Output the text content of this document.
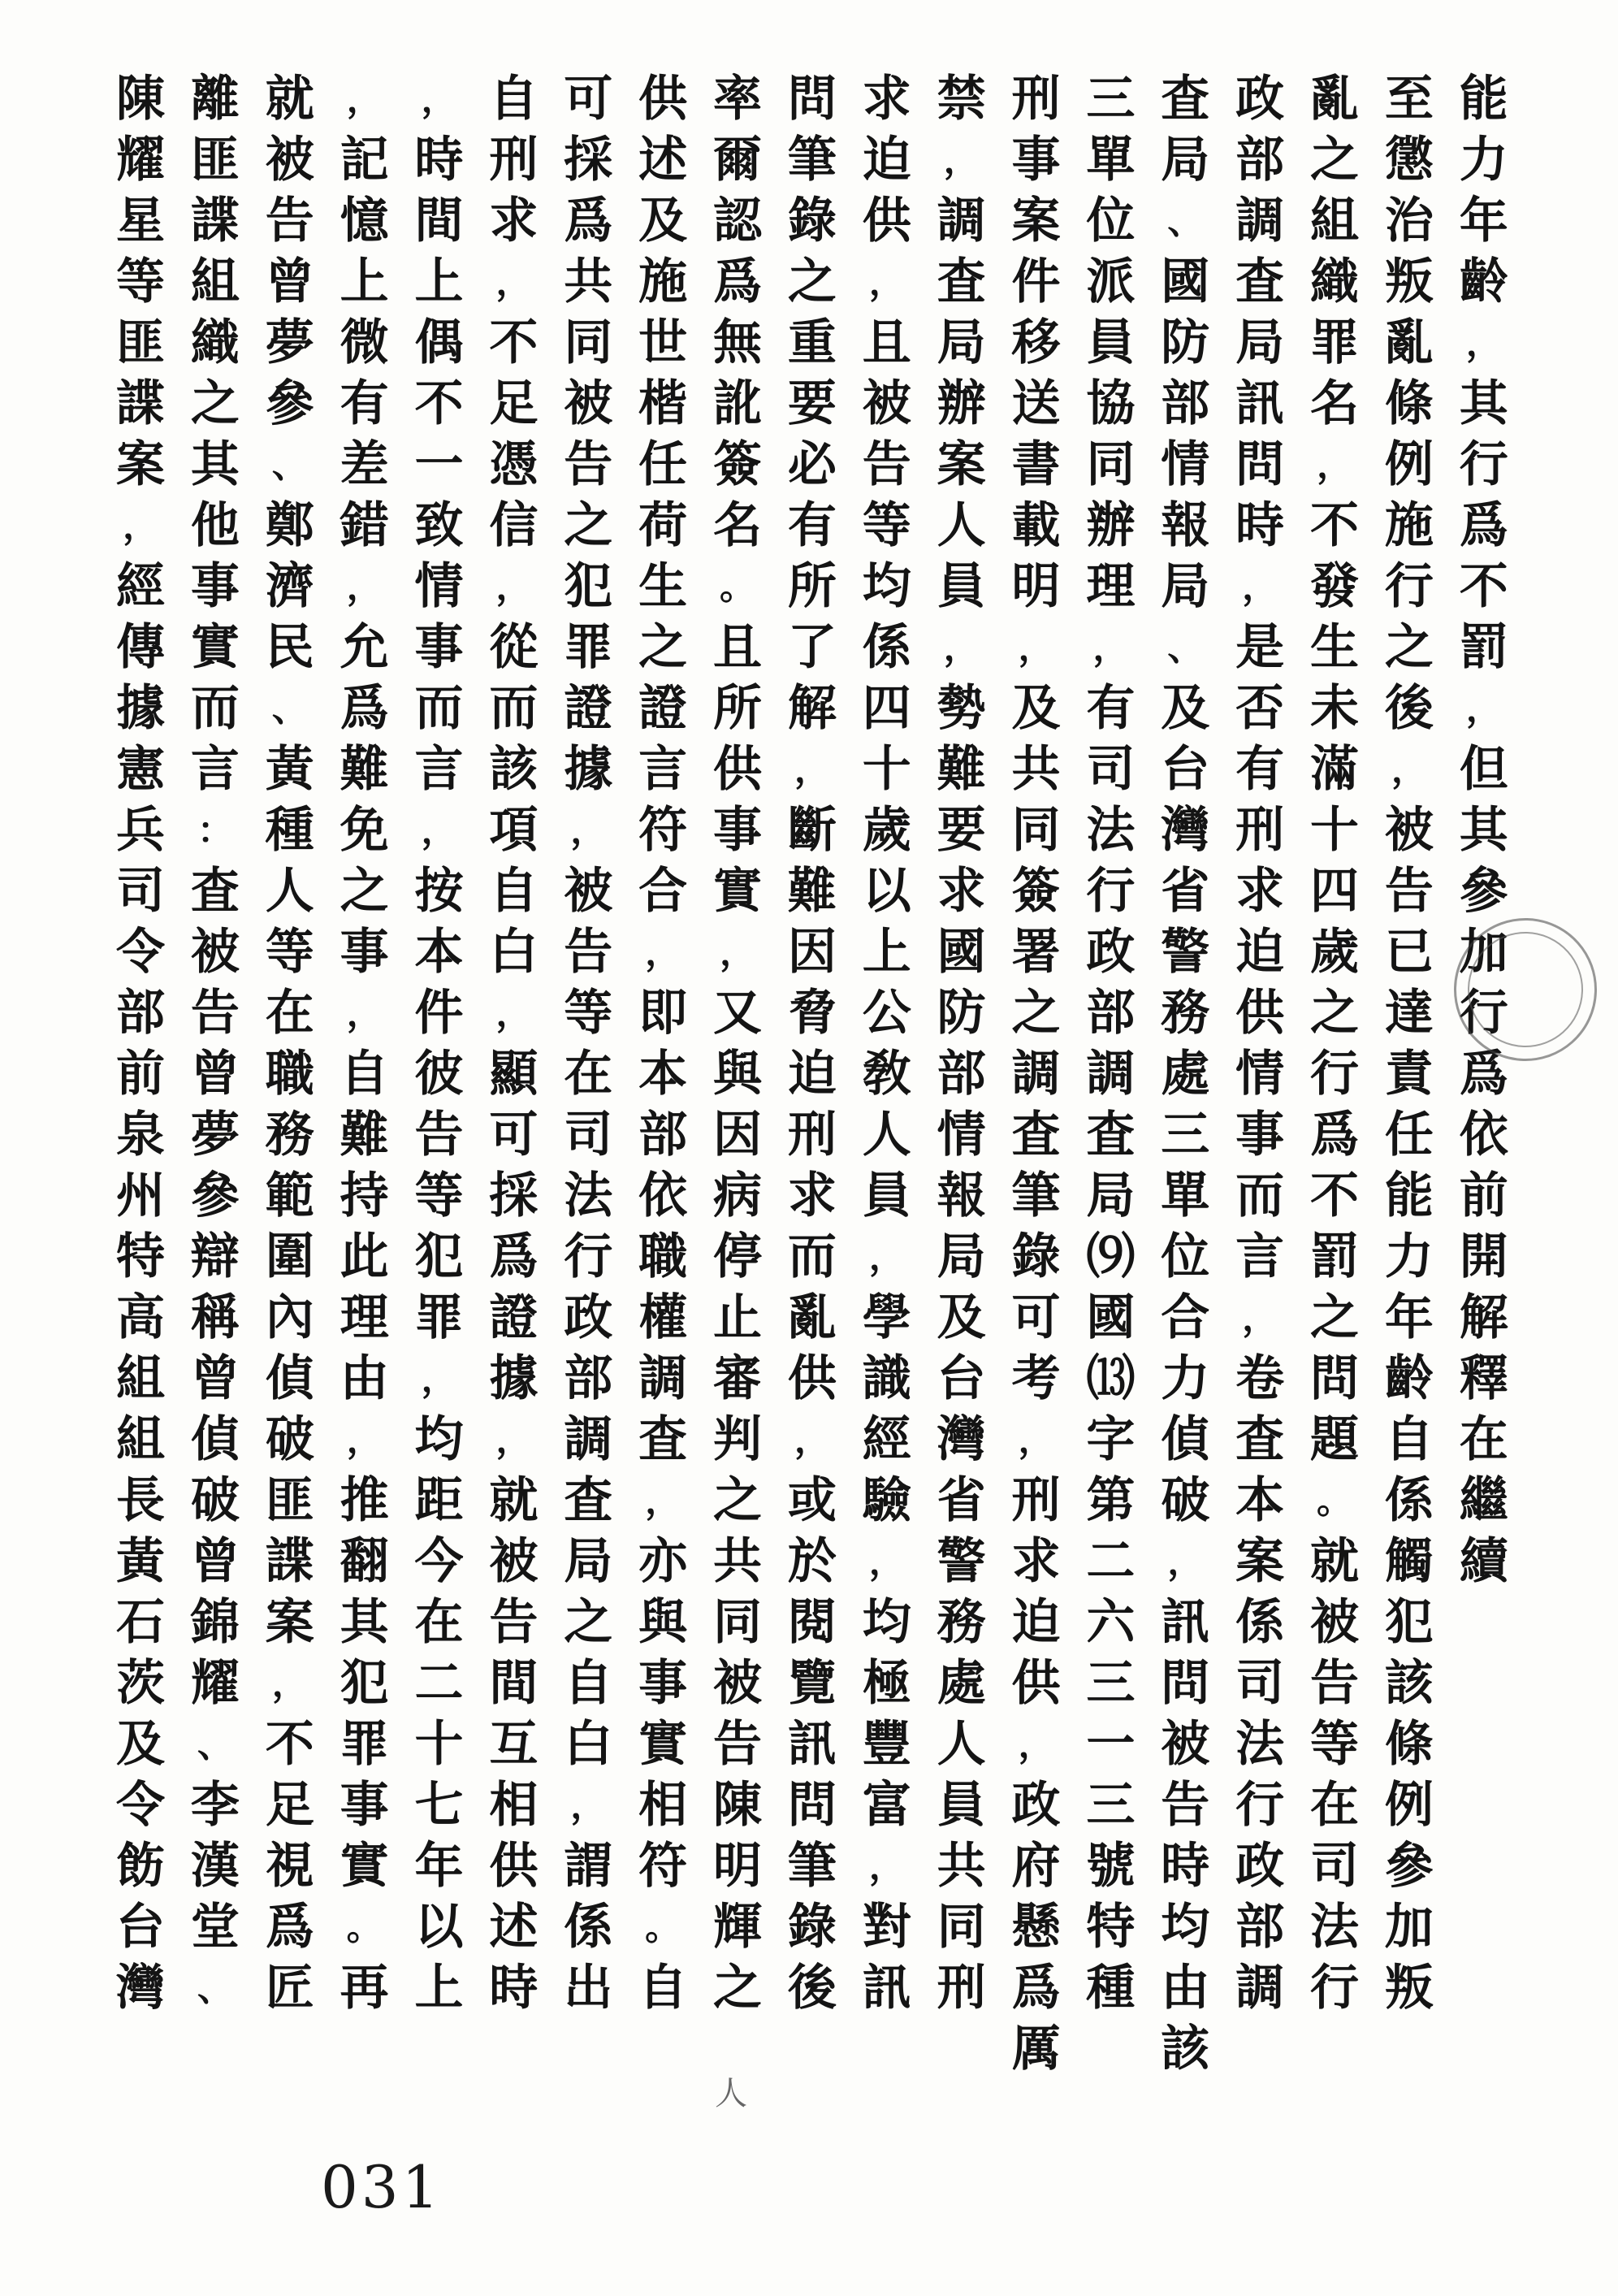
能
力
年
齡
，
其
行
爲
不
罰
，
但
其
參
加
行
爲
依
前
開
解
釋
在
繼
續
至
懲
治
叛
亂
條
例
施
行
之
後
，
被
告
已
達
責
任
能
力
年
齡
自
係
觸
犯
該
條
例
參
加
叛
亂
之
組
織
罪
名
，
不
發
生
未
滿
十
四
歲
之
行
爲
不
罰
之
問
題
。
就
被
告
等
在
司
法
行
政
部
調
査
局
訊
問
時
，
是
否
有
刑
求
迫
供
情
事
而
言
，
卷
査
本
案
係
司
法
行
政
部
調
査
局
、
國
防
部
情
報
局
、
及
台
灣
省
警
務
處
三
單
位
合
力
偵
破
，
訊
問
被
告
時
均
由
該
三
單
位
派
員
協
同
辦
理
，
有
司
法
行
政
部
調
査
局
⑼
國
⒀
字
第
二
六
三
一
三
號
特
種
刑
事
案
件
移
送
書
載
明
，
及
共
同
簽
署
之
調
査
筆
錄
可
考
，
刑
求
迫
供
，
政
府
懸
爲
厲
禁
，
調
査
局
辦
案
人
員
，
勢
難
要
求
國
防
部
情
報
局
及
台
灣
省
警
務
處
人
員
共
同
刑
求
迫
供
，
且
被
告
等
均
係
四
十
歲
以
上
公
敎
人
員
，
學
識
經
驗
，
均
極
豐
富
，
對
訊
問
筆
錄
之
重
要
必
有
所
了
解
，
斷
難
因
脅
迫
刑
求
而
亂
供
，
或
於
閱
覽
訊
問
筆
錄
後
率
爾
認
爲
無
訛
簽
名
。
且
所
供
事
實
，
又
與
因
病
停
止
審
判
之
共
同
被
告
陳
明
輝
之
供
述
及
施
世
楷
任
荷
生
之
證
言
符
合
，
即
本
部
依
職
權
調
査
，
亦
與
事
實
相
符
。
自
可
採
爲
共
同
被
告
之
犯
罪
證
據
，
被
告
等
在
司
法
行
政
部
調
査
局
之
自
白
，
謂
係
出
自
刑
求
，
不
足
憑
信
，
從
而
該
項
自
白
，
顯
可
採
爲
證
據
，
就
被
告
間
互
相
供
述
時
，
時
間
上
偶
不
一
致
情
事
而
言
，
按
本
件
彼
告
等
犯
罪
，
均
距
今
在
二
十
七
年
以
上
，
記
憶
上
微
有
差
錯
，
允
爲
難
免
之
事
，
自
難
持
此
理
由
，
推
翻
其
犯
罪
事
實
。
再
就
被
告
曾
夢
參
、
鄭
濟
民
、
黃
種
人
等
在
職
務
範
圍
內
偵
破
匪
諜
案
，
不
足
視
爲
匠
離
匪
諜
組
織
之
其
他
事
實
而
言
：
査
被
告
曾
夢
參
辯
稱
曾
偵
破
曾
錦
耀
、
李
漢
堂
、
陳
耀
星
等
匪
諜
案
，
經
傳
據
憲
兵
司
令
部
前
泉
州
特
高
組
組
長
黃
石
茨
及
令
飭
台
灣
人
031
